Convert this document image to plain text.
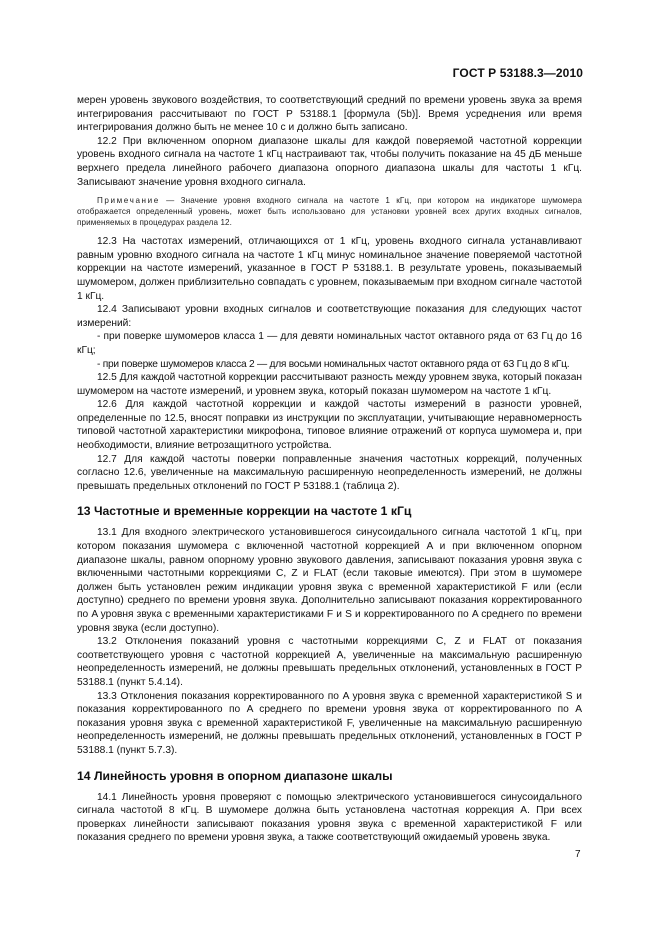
ГОСТ Р 53188.3—2010

мерен уровень звукового воздействия, то соответствующий средний по времени уровень звука за время интегрирования рассчитывают по ГОСТ Р 53188.1 [формула (5b)]. Время усреднения или время интегрирования должно быть не менее 10 с и должно быть записано.

12.2 При включенном опорном диапазоне шкалы для каждой поверяемой частотной коррекции уровень входного сигнала на частоте 1 кГц настраивают так, чтобы получить показание на 45 дБ меньше верхнего предела линейного рабочего диапазона опорного диапазона шкалы для частоты 1 кГц. Записывают значение уровня входного сигнала.

Примечание — Значение уровня входного сигнала на частоте 1 кГц, при котором на индикаторе шумомера отображается определенный уровень, может быть использовано для установки уровней всех других входных сигналов, применяемых в процедурах раздела 12.

12.3 На частотах измерений, отличающихся от 1 кГц, уровень входного сигнала устанавливают равным уровню входного сигнала на частоте 1 кГц минус номинальное значение поверяемой частотной коррекции на частоте измерений, указанное в ГОСТ Р 53188.1. В результате уровень, показываемый шумомером, должен приблизительно совпадать с уровнем, показываемым при входном сигнале частотой 1 кГц.

12.4 Записывают уровни входных сигналов и соответствующие показания для следующих частот измерений:

- при поверке шумомеров класса 1 — для девяти номинальных частот октавного ряда от 63 Гц до 16 кГц;

- при поверке шумомеров класса 2 — для восьми номинальных частот октавного ряда от 63 Гц до 8 кГц.

12.5 Для каждой частотной коррекции рассчитывают разность между уровнем звука, который показан шумомером на частоте измерений, и уровнем звука, который показан шумомером на частоте 1 кГц.

12.6 Для каждой частотной коррекции и каждой частоты измерений в разности уровней, определенные по 12.5, вносят поправки из инструкции по эксплуатации, учитывающие неравномерность типовой частотной характеристики микрофона, типовое влияние отражений от корпуса шумомера и, при необходимости, влияние ветрозащитного устройства.

12.7 Для каждой частоты поверки поправленные значения частотных коррекций, полученных согласно 12.6, увеличенные на максимальную расширенную неопределенность измерений, не должны превышать предельных отклонений по ГОСТ Р 53188.1 (таблица 2).

13 Частотные и временные коррекции на частоте 1 кГц

13.1 Для входного электрического установившегося синусоидального сигнала частотой 1 кГц, при котором показания шумомера с включенной частотной коррекцией A и при включенном опорном диапазоне шкалы, равном опорному уровню звукового давления, записывают показания уровня звука с включенными частотными коррекциями C, Z и FLAT (если таковые имеются). При этом в шумомере должен быть установлен режим индикации уровня звука с временной характеристикой F или (если доступно) среднего по времени уровня звука. Дополнительно записывают показания корректированного по A уровня звука с временными характеристиками F и S и корректированного по A среднего по времени уровня звука (если доступно).

13.2 Отклонения показаний уровня с частотными коррекциями C, Z и FLAT от показания соответствующего уровня с частотной коррекцией A, увеличенные на максимальную расширенную неопределенность измерений, не должны превышать предельных отклонений, установленных в ГОСТ Р 53188.1 (пункт 5.4.14).

13.3 Отклонения показания корректированного по A уровня звука с временной характеристикой S и показания корректированного по A среднего по времени уровня звука от корректированного по A показания уровня звука с временной характеристикой F, увеличенные на максимальную расширенную неопределенность измерений, не должны превышать предельных отклонений, установленных в ГОСТ Р 53188.1 (пункт 5.7.3).

14 Линейность уровня в опорном диапазоне шкалы

14.1 Линейность уровня проверяют с помощью электрического установившегося синусоидального сигнала частотой 8 кГц. В шумомере должна быть установлена частотная коррекция A. При всех проверках линейности записывают показания уровня звука с временной характеристикой F или показания среднего по времени уровня звука, а также соответствующий ожидаемый уровень звука.

7
